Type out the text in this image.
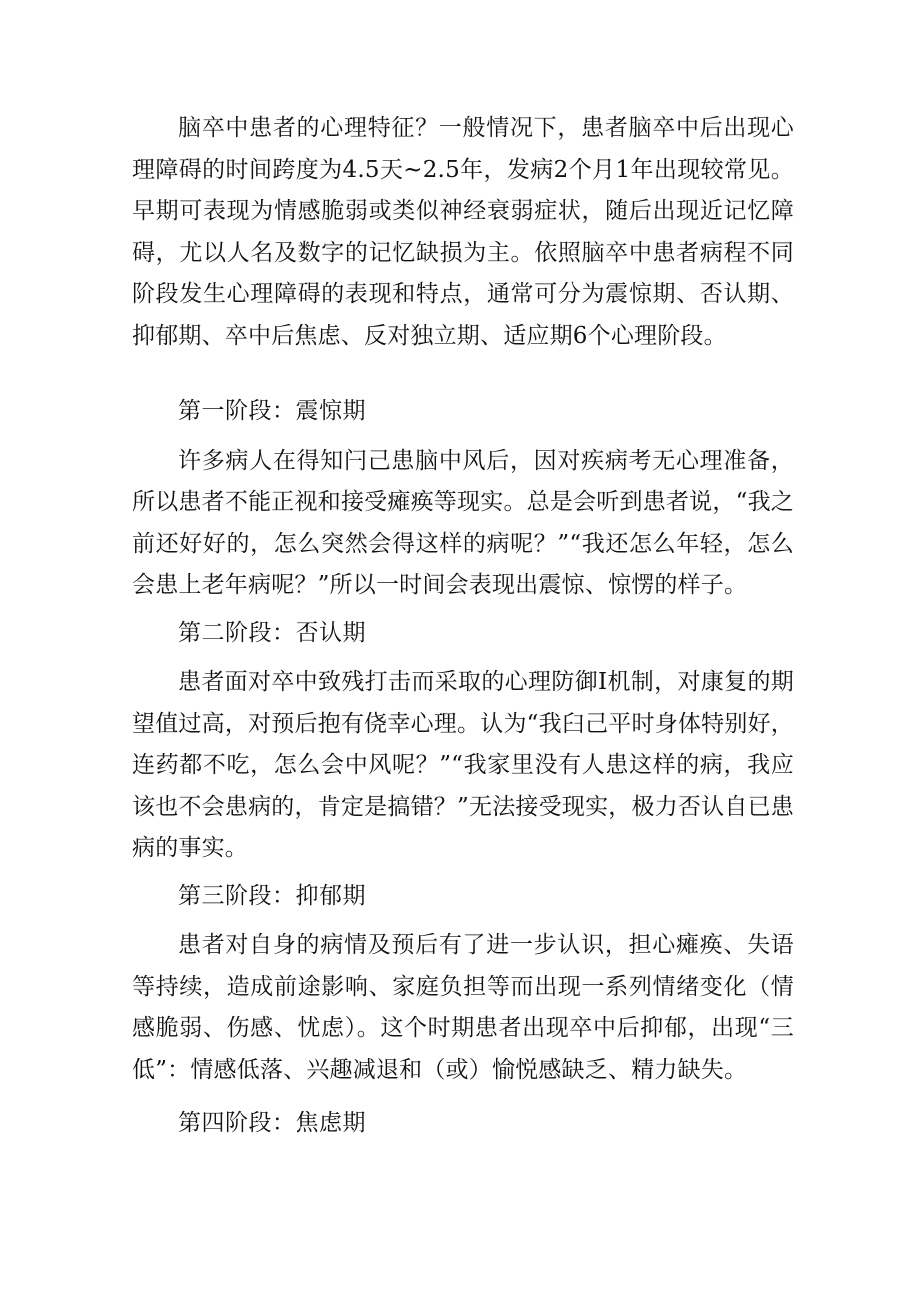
脑卒中患者的心理特征？一般情况下，患者脑卒中后出现心理障碍的时间跨度为4.5天~2.5年，发病2个月1年出现较常见。早期可表现为情感脆弱或类似神经衰弱症状，随后出现近记忆障碍，尤以人名及数字的记忆缺损为主。依照脑卒中患者病程不同阶段发生心理障碍的表现和特点，通常可分为震惊期、否认期、抑郁期、卒中后焦虑、反对独立期、适应期6个心理阶段。

第一阶段：震惊期

许多病人在得知闩己患脑中风后，因对疾病考无心理准备，所以患者不能正视和接受瘫痪等现实。总是会听到患者说，“我之前还好好的，怎么突然会得这样的病呢？”“我还怎么年轻，怎么会患上老年病呢？”所以一时间会表现出震惊、惊愣的样子。

第二阶段：否认期

患者面对卒中致残打击而采取的心理防御I机制，对康复的期望值过高，对预后抱有侥幸心理。认为“我臼己平时身体特别好，连药都不吃，怎么会中风呢？”“我家里没有人患这样的病，我应该也不会患病的，肯定是搞错？”无法接受现实，极力否认自已患病的事实。

第三阶段：抑郁期

患者对自身的病情及预后有了进一步认识，担心瘫痪、失语等持续，造成前途影响、家庭负担等而出现一系列情绪变化（情感脆弱、伤感、忧虑）。这个时期患者出现卒中后抑郁，出现“三低”：情感低落、兴趣减退和（或）愉悦感缺乏、精力缺失。

第四阶段：焦虑期
